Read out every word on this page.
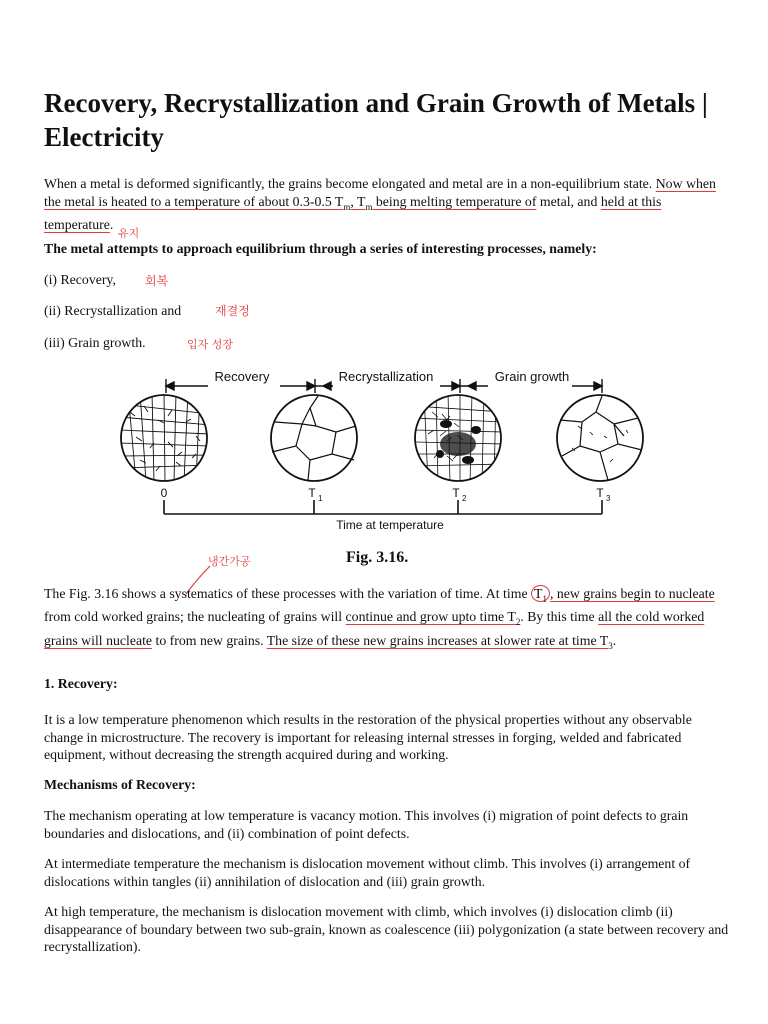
Recovery, Recrystallization and Grain Growth of Metals | Electricity

When a metal is deformed significantly, the grains become elongated and metal are in a non-equilibrium state. Now when the metal is heated to a temperature of about 0.3-0.5 $T_m$, $T_m$ being melting temperature of metal, and held at this temperature.

유지

The metal attempts to approach equilibrium through a series of interesting processes, namely:

(i) Recovery,	회복

(ii) Recrystallization and	재결정

(iii) Grain growth.	입자 성장
Recovery	Recrystallization	Grain growth
0	T 1	T 2	T 3
Time at temperature

Fig. 3.16.

냉간가공

The Fig. 3.16 shows a systematics of these processes with the variation of time. At time $T_1$ , new grains begin to nucleate from cold worked grains; the nucleating of grains will continue and grow upto time $T_2$. By this time all the cold worked grains will nucleate to from new grains. The size of these new grains increases at slower rate at time $T_3$.

1. Recovery:

It is a low temperature phenomenon which results in the restoration of the physical properties without any observable change in microstructure. The recovery is important for releasing internal stresses in forging, welded and fabricated equipment, without decreasing the strength acquired during and working.

Mechanisms of Recovery:

The mechanism operating at low temperature is vacancy motion. This involves (i) migration of point defects to grain boundaries and dislocations, and (ii) combination of point defects.

At intermediate temperature the mechanism is dislocation movement without climb. This involves (i) arrangement of dislocations within tangles (ii) annihilation of dislocation and (iii) grain growth.

At high temperature, the mechanism is dislocation movement with climb, which involves (i) dislocation climb (ii) disappearance of boundary between two sub-grain, known as coalescence (iii) polygonization (a state between recovery and recrystallization).
